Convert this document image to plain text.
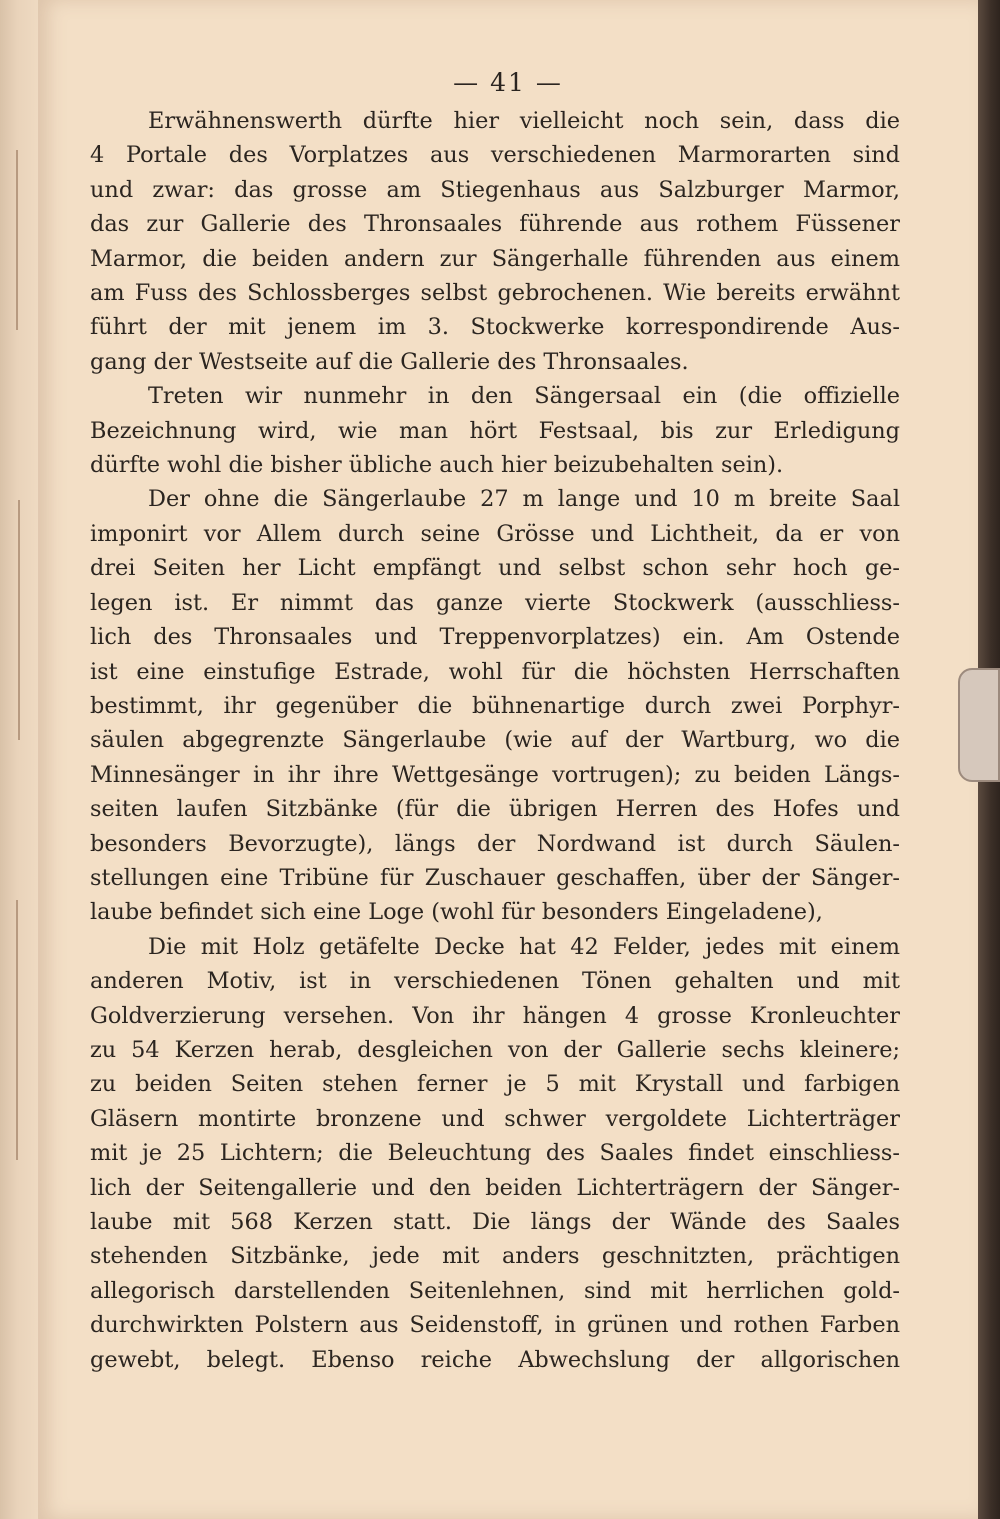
— 41 —
Erwähnenswerth dürfte hier vielleicht noch sein, dass die
4 Portale des Vorplatzes aus verschiedenen Marmorarten sind
und zwar: das grosse am Stiegenhaus aus Salzburger Marmor,
das zur Gallerie des Thronsaales führende aus rothem Füssener
Marmor, die beiden andern zur Sängerhalle führenden aus einem
am Fuss des Schlossberges selbst gebrochenen. Wie bereits erwähnt
führt der mit jenem im 3. Stockwerke korrespondirende Aus-
gang der Westseite auf die Gallerie des Thronsaales.
Treten wir nunmehr in den Sängersaal ein (die offizielle
Bezeichnung wird, wie man hört Festsaal, bis zur Erledigung
dürfte wohl die bisher übliche auch hier beizubehalten sein).
Der ohne die Sängerlaube 27 m lange und 10 m breite Saal
imponirt vor Allem durch seine Grösse und Lichtheit, da er von
drei Seiten her Licht empfängt und selbst schon sehr hoch ge-
legen ist. Er nimmt das ganze vierte Stockwerk (ausschliess-
lich des Thronsaales und Treppenvorplatzes) ein. Am Ostende
ist eine einstufige Estrade, wohl für die höchsten Herrschaften
bestimmt, ihr gegenüber die bühnenartige durch zwei Porphyr-
säulen abgegrenzte Sängerlaube (wie auf der Wartburg, wo die
Minnesänger in ihr ihre Wettgesänge vortrugen); zu beiden Längs-
seiten laufen Sitzbänke (für die übrigen Herren des Hofes und
besonders Bevorzugte), längs der Nordwand ist durch Säulen-
stellungen eine Tribüne für Zuschauer geschaffen, über der Sänger-
laube befindet sich eine Loge (wohl für besonders Eingeladene),
Die mit Holz getäfelte Decke hat 42 Felder, jedes mit einem
anderen Motiv, ist in verschiedenen Tönen gehalten und mit
Goldverzierung versehen. Von ihr hängen 4 grosse Kronleuchter
zu 54 Kerzen herab, desgleichen von der Gallerie sechs kleinere;
zu beiden Seiten stehen ferner je 5 mit Krystall und farbigen
Gläsern montirte bronzene und schwer vergoldete Lichterträger
mit je 25 Lichtern; die Beleuchtung des Saales findet einschliess-
lich der Seitengallerie und den beiden Lichterträgern der Sänger-
laube mit 568 Kerzen statt. Die längs der Wände des Saales
stehenden Sitzbänke, jede mit anders geschnitzten, prächtigen
allegorisch darstellenden Seitenlehnen, sind mit herrlichen gold-
durchwirkten Polstern aus Seidenstoff, in grünen und rothen Farben
gewebt, belegt. Ebenso reiche Abwechslung der allgorischen
